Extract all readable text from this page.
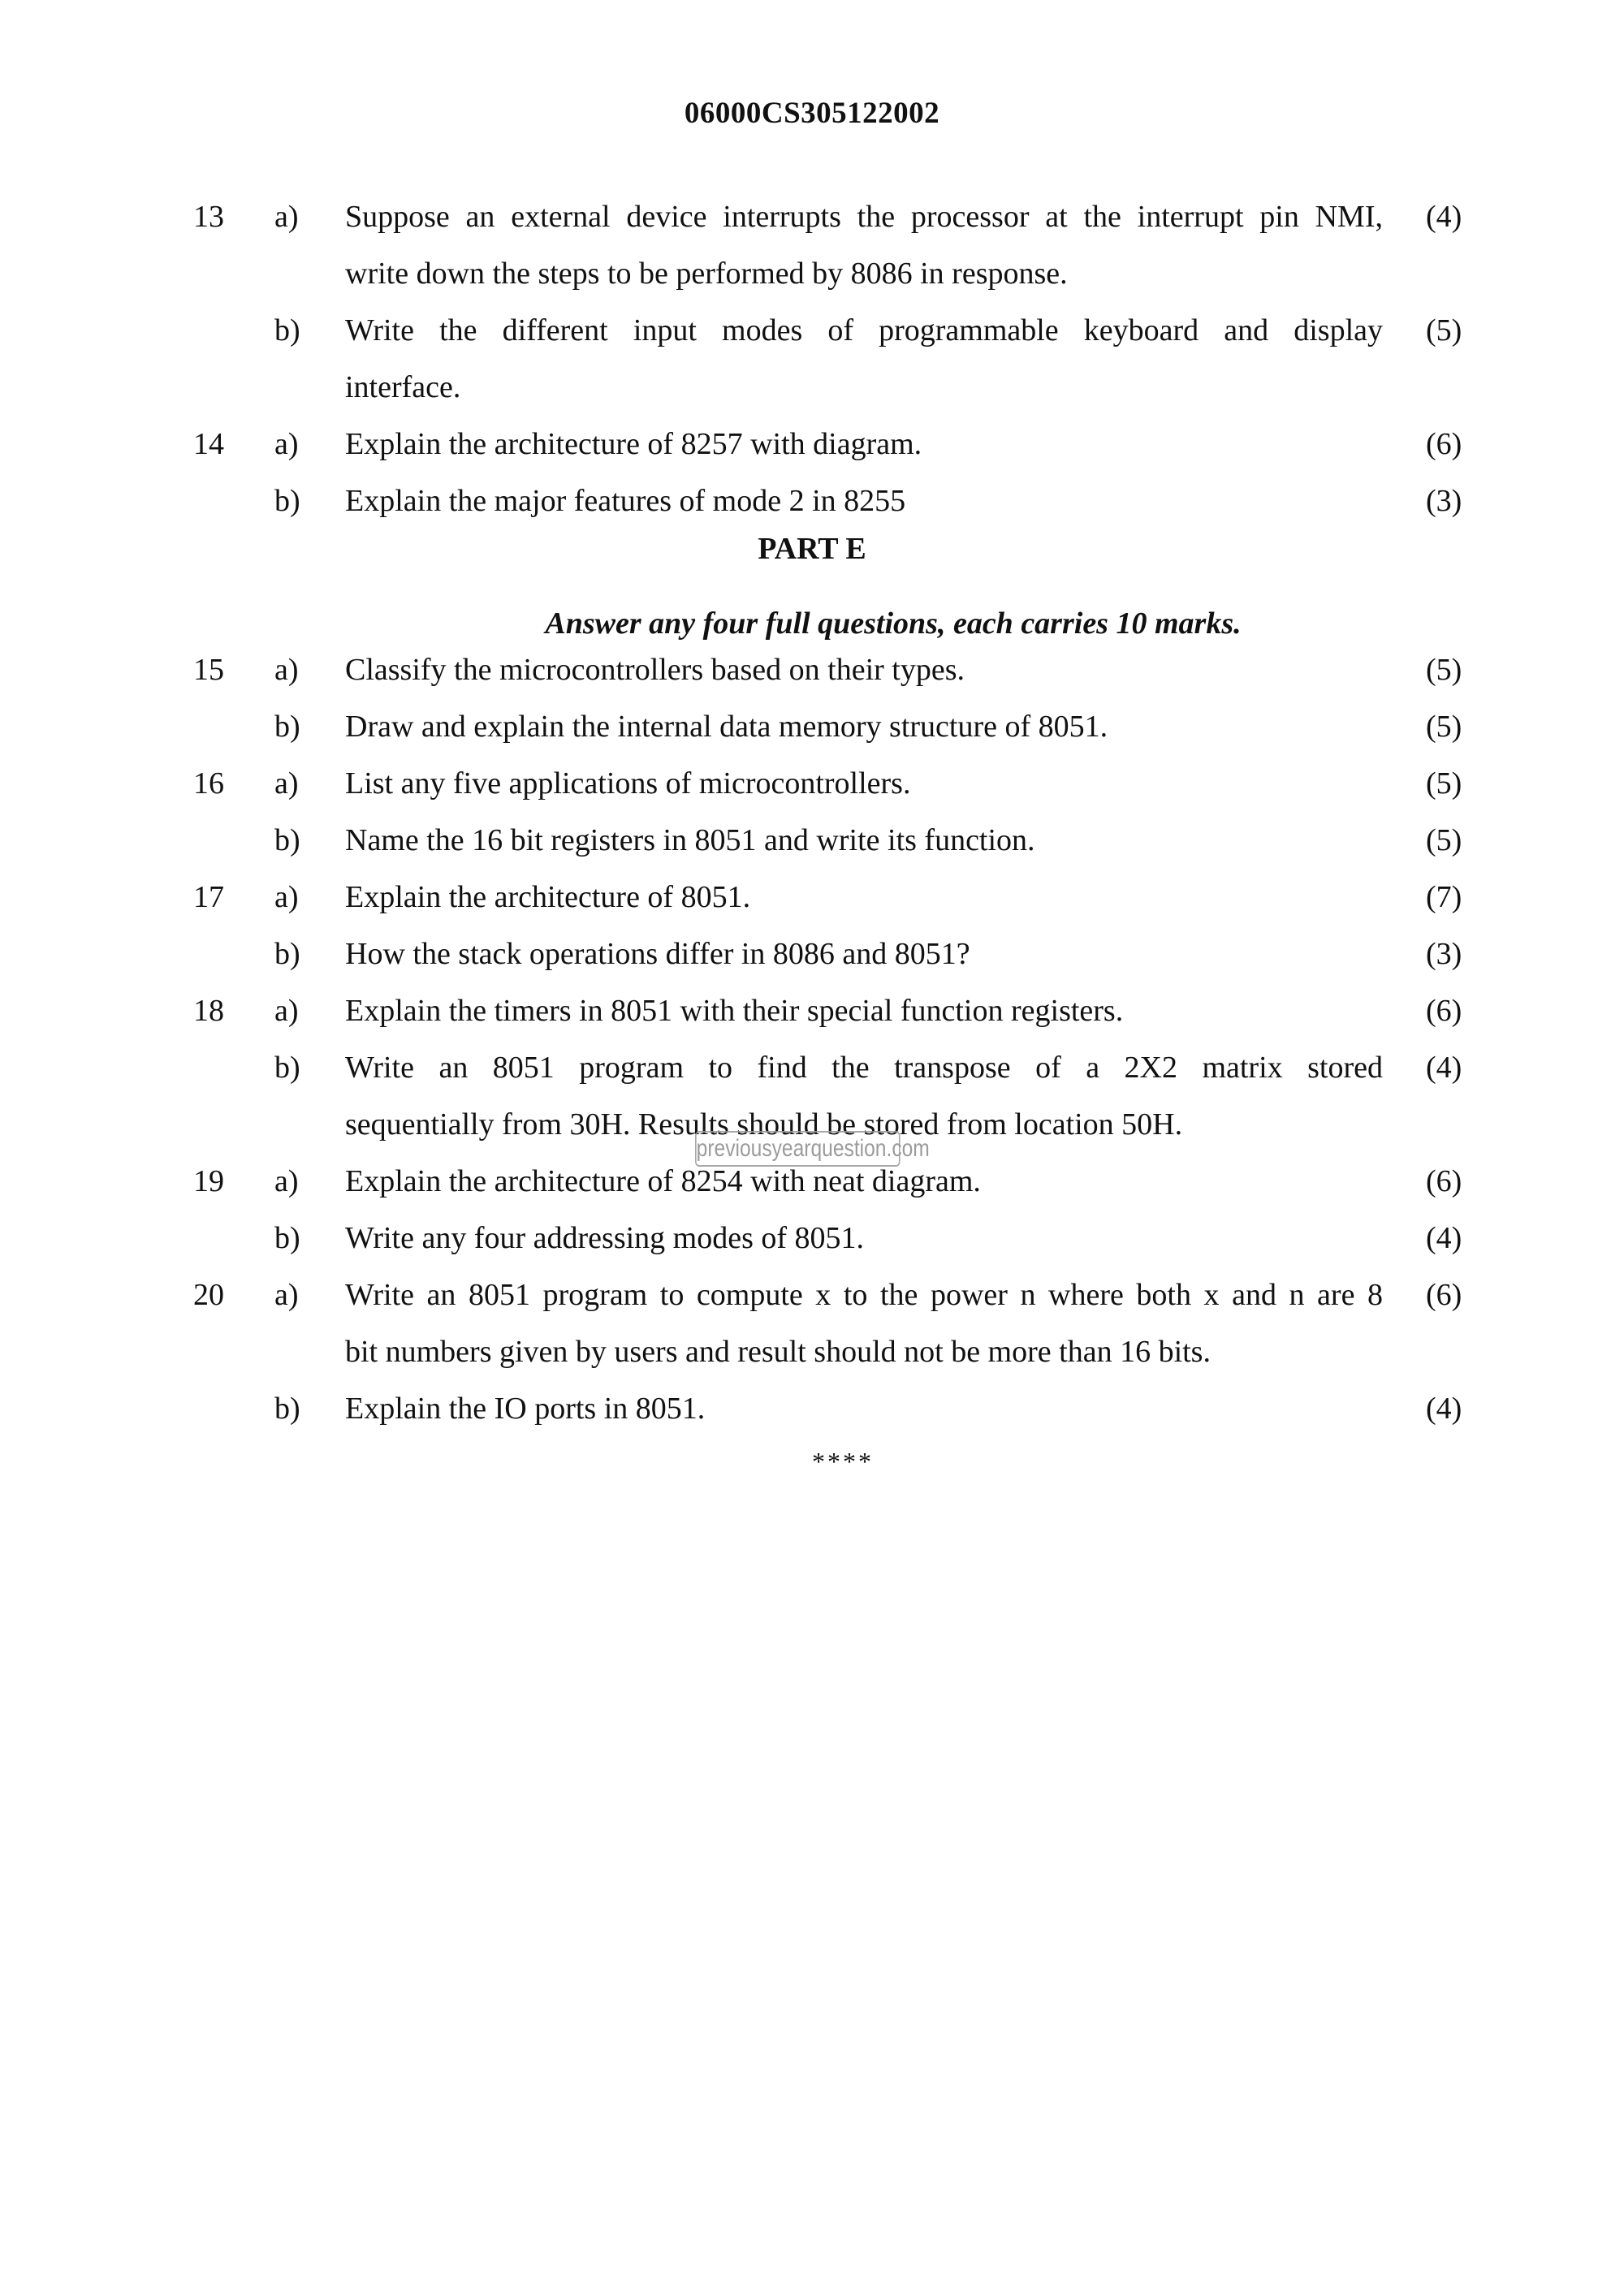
06000CS305122002
13	a) Suppose an external device interrupts the processor at the interrupt pin NMI, (4)
write down the steps to be performed by 8086 in response.
b) Write the different input modes of programmable keyboard and display (5)
interface.
14	a) Explain the architecture of 8257 with diagram.	(6)
b) Explain the major features of mode 2 in 8255	(3)
PART E
Answer any four full questions, each carries 10 marks.
15	a) Classify the microcontrollers based on their types.	(5)
b) Draw and explain the internal data memory structure of 8051.	(5)
16	a) List any five applications of microcontrollers.	(5)
b) Name the 16 bit registers in 8051 and write its function.	(5)
17	a) Explain the architecture of 8051.	(7)
b) How the stack operations differ in 8086 and 8051?	(3)
18	a) Explain the timers in 8051 with their special function registers.	(6)
b) Write an 8051 program to find the transpose of a 2X2 matrix stored (4)
sequentially from 30H. Results should be stored from location 50H.
previousyearquestion.com
19	a) Explain the architecture of 8254 with neat diagram.	(6)
b) Write any four addressing modes of 8051.	(4)
20	a) Write an 8051 program to compute x to the power n where both x and n are 8 (6)
bit numbers given by users and result should not be more than 16 bits.
b) Explain the IO ports in 8051.	(4)
****
